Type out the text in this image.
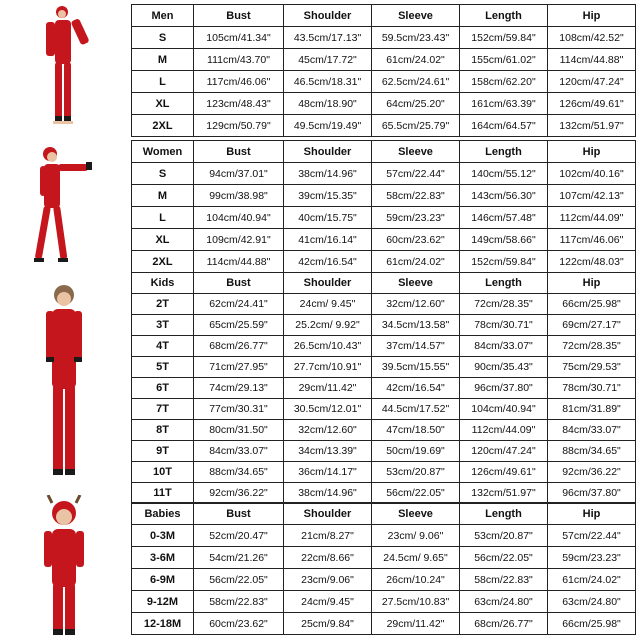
Men	Bust	Shoulder	Sleeve	Length	Hip
S	105cm/41.34"	43.5cm/17.13"	59.5cm/23.43"	152cm/59.84"	108cm/42.52"
M	111cm/43.70"	45cm/17.72"	61cm/24.02"	155cm/61.02"	114cm/44.88"
L	117cm/46.06"	46.5cm/18.31"	62.5cm/24.61"	158cm/62.20"	120cm/47.24"
XL	123cm/48.43"	48cm/18.90"	64cm/25.20"	161cm/63.39"	126cm/49.61"
2XL	129cm/50.79"	49.5cm/19.49"	65.5cm/25.79"	164cm/64.57"	132cm/51.97"
Women	Bust	Shoulder	Sleeve	Length	Hip
S	94cm/37.01"	38cm/14.96"	57cm/22.44"	140cm/55.12"	102cm/40.16"
M	99cm/38.98"	39cm/15.35"	58cm/22.83"	143cm/56.30"	107cm/42.13"
L	104cm/40.94"	40cm/15.75"	59cm/23.23"	146cm/57.48"	112cm/44.09"
XL	109cm/42.91"	41cm/16.14"	60cm/23.62"	149cm/58.66"	117cm/46.06"
2XL	114cm/44.88"	42cm/16.54"	61cm/24.02"	152cm/59.84"	122cm/48.03"
Kids	Bust	Shoulder	Sleeve	Length	Hip
2T	62cm/24.41"	24cm/ 9.45"	32cm/12.60"	72cm/28.35"	66cm/25.98"
3T	65cm/25.59"	25.2cm/ 9.92"	34.5cm/13.58"	78cm/30.71"	69cm/27.17"
4T	68cm/26.77"	26.5cm/10.43"	37cm/14.57"	84cm/33.07"	72cm/28.35"
5T	71cm/27.95"	27.7cm/10.91"	39.5cm/15.55"	90cm/35.43"	75cm/29.53"
6T	74cm/29.13"	29cm/11.42"	42cm/16.54"	96cm/37.80"	78cm/30.71"
7T	77cm/30.31"	30.5cm/12.01"	44.5cm/17.52"	104cm/40.94"	81cm/31.89"
8T	80cm/31.50"	32cm/12.60"	47cm/18.50"	112cm/44.09"	84cm/33.07"
9T	84cm/33.07"	34cm/13.39"	50cm/19.69"	120cm/47.24"	88cm/34.65"
10T	88cm/34.65"	36cm/14.17"	53cm/20.87"	126cm/49.61"	92cm/36.22"
11T	92cm/36.22"	38cm/14.96"	56cm/22.05"	132cm/51.97"	96cm/37.80"
Babies	Bust	Shoulder	Sleeve	Length	Hip
0-3M	52cm/20.47"	21cm/8.27"	23cm/ 9.06"	53cm/20.87"	57cm/22.44"
3-6M	54cm/21.26"	22cm/8.66"	24.5cm/ 9.65"	56cm/22.05"	59cm/23.23"
6-9M	56cm/22.05"	23cm/9.06"	26cm/10.24"	58cm/22.83"	61cm/24.02"
9-12M	58cm/22.83"	24cm/9.45"	27.5cm/10.83"	63cm/24.80"	63cm/24.80"
12-18M	60cm/23.62"	25cm/9.84"	29cm/11.42"	68cm/26.77"	66cm/25.98"
